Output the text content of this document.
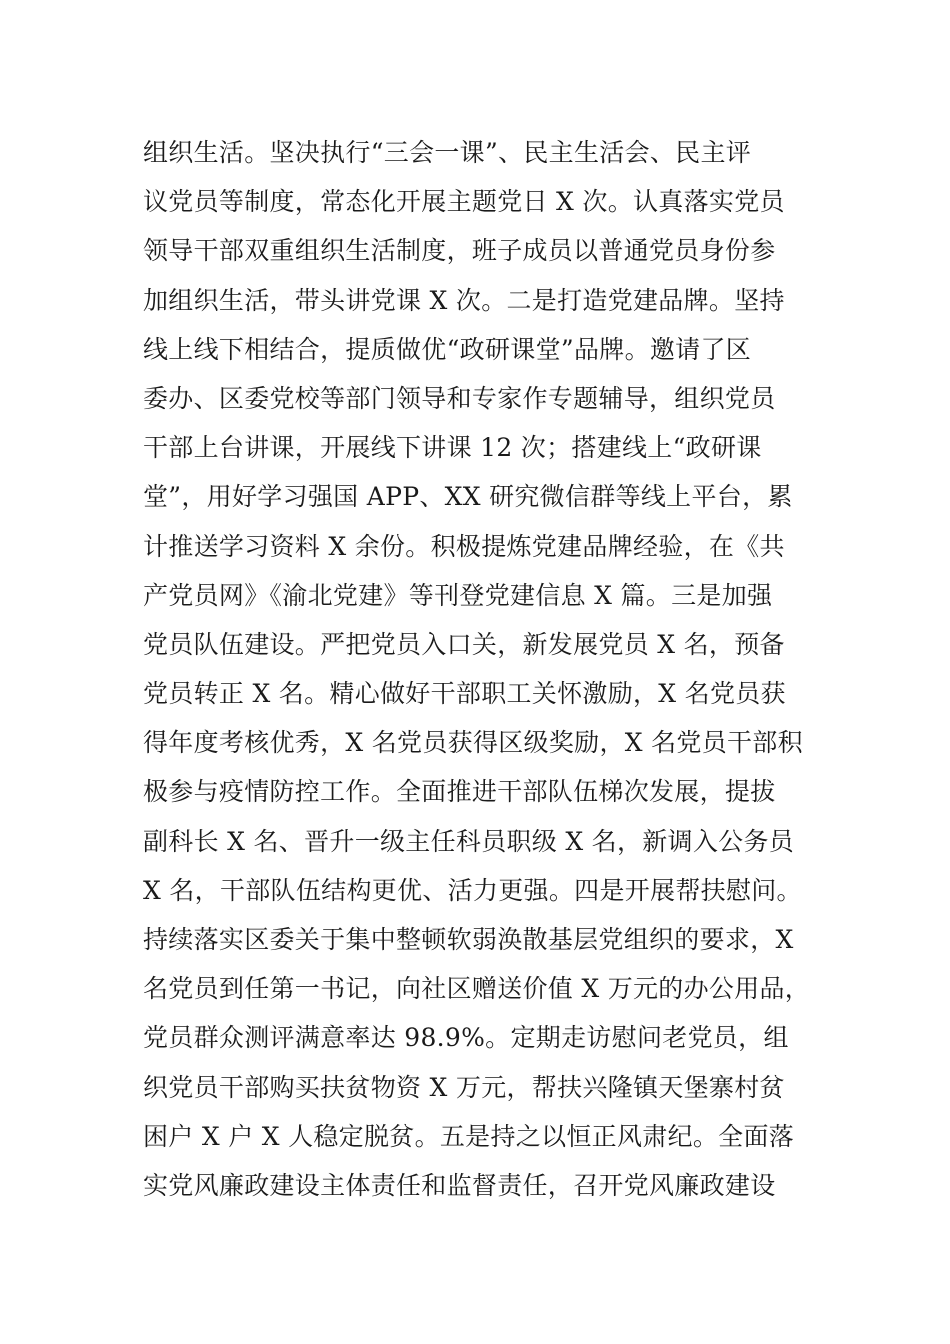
组织生活。坚决执行“三会一课”、民主生活会、民主评
议党员等制度，常态化开展主题党日 X 次。认真落实党员
领导干部双重组织生活制度，班子成员以普通党员身份参
加组织生活，带头讲党课 X 次。二是打造党建品牌。坚持
线上线下相结合，提质做优“政研课堂”品牌。邀请了区
委办、区委党校等部门领导和专家作专题辅导，组织党员
干部上台讲课，开展线下讲课 12 次；搭建线上“政研课
堂”，用好学习强国 APP、XX 研究微信群等线上平台，累
计推送学习资料 X 余份。积极提炼党建品牌经验，在《共
产党员网》《渝北党建》等刊登党建信息 X 篇。三是加强
党员队伍建设。严把党员入口关，新发展党员 X 名，预备
党员转正 X 名。精心做好干部职工关怀激励，X 名党员获
得年度考核优秀，X 名党员获得区级奖励，X 名党员干部积
极参与疫情防控工作。全面推进干部队伍梯次发展，提拔
副科长 X 名、晋升一级主任科员职级 X 名，新调入公务员
X 名，干部队伍结构更优、活力更强。四是开展帮扶慰问。
持续落实区委关于集中整顿软弱涣散基层党组织的要求，X
名党员到任第一书记，向社区赠送价值 X 万元的办公用品，
党员群众测评满意率达 98.9%。定期走访慰问老党员，组
织党员干部购买扶贫物资 X 万元，帮扶兴隆镇天堡寨村贫
困户 X 户 X 人稳定脱贫。五是持之以恒正风肃纪。全面落
实党风廉政建设主体责任和监督责任，召开党风廉政建设
